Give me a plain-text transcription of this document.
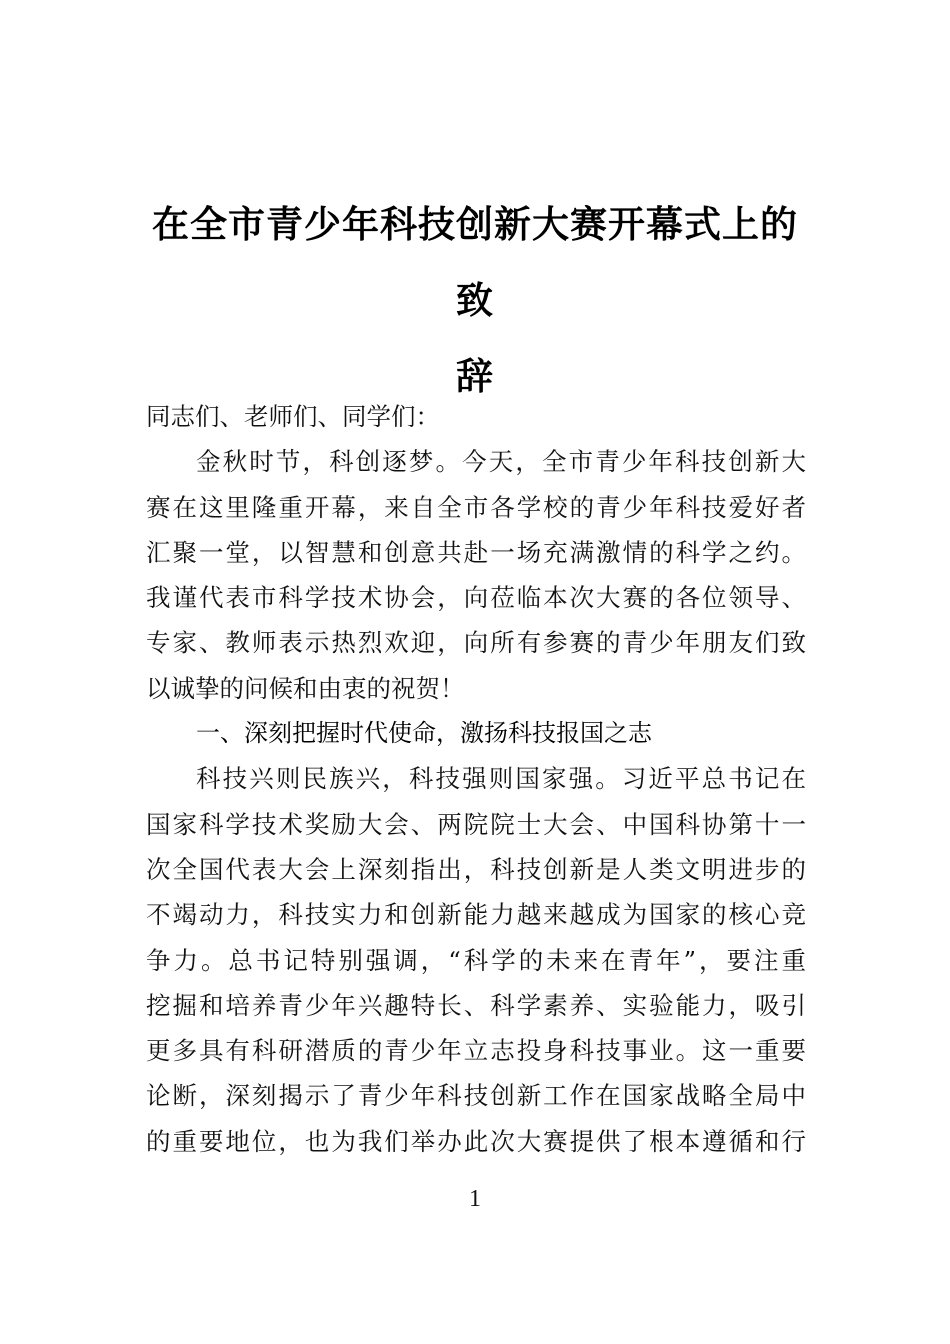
在全市青少年科技创新大赛开幕式上的致
辞
同志们、老师们、同学们：
金秋时节，科创逐梦。今天，全市青少年科技创新大
赛在这里隆重开幕，来自全市各学校的青少年科技爱好者
汇聚一堂，以智慧和创意共赴一场充满激情的科学之约。
我谨代表市科学技术协会，向莅临本次大赛的各位领导、
专家、教师表示热烈欢迎，向所有参赛的青少年朋友们致
以诚挚的问候和由衷的祝贺！
一、深刻把握时代使命，激扬科技报国之志
科技兴则民族兴，科技强则国家强。习近平总书记在
国家科学技术奖励大会、两院院士大会、中国科协第十一
次全国代表大会上深刻指出，科技创新是人类文明进步的
不竭动力，科技实力和创新能力越来越成为国家的核心竞
争力。总书记特别强调，“科学的未来在青年”，要注重
挖掘和培养青少年兴趣特长、科学素养、实验能力，吸引
更多具有科研潜质的青少年立志投身科技事业。这一重要
论断，深刻揭示了青少年科技创新工作在国家战略全局中
的重要地位，也为我们举办此次大赛提供了根本遵循和行
1
